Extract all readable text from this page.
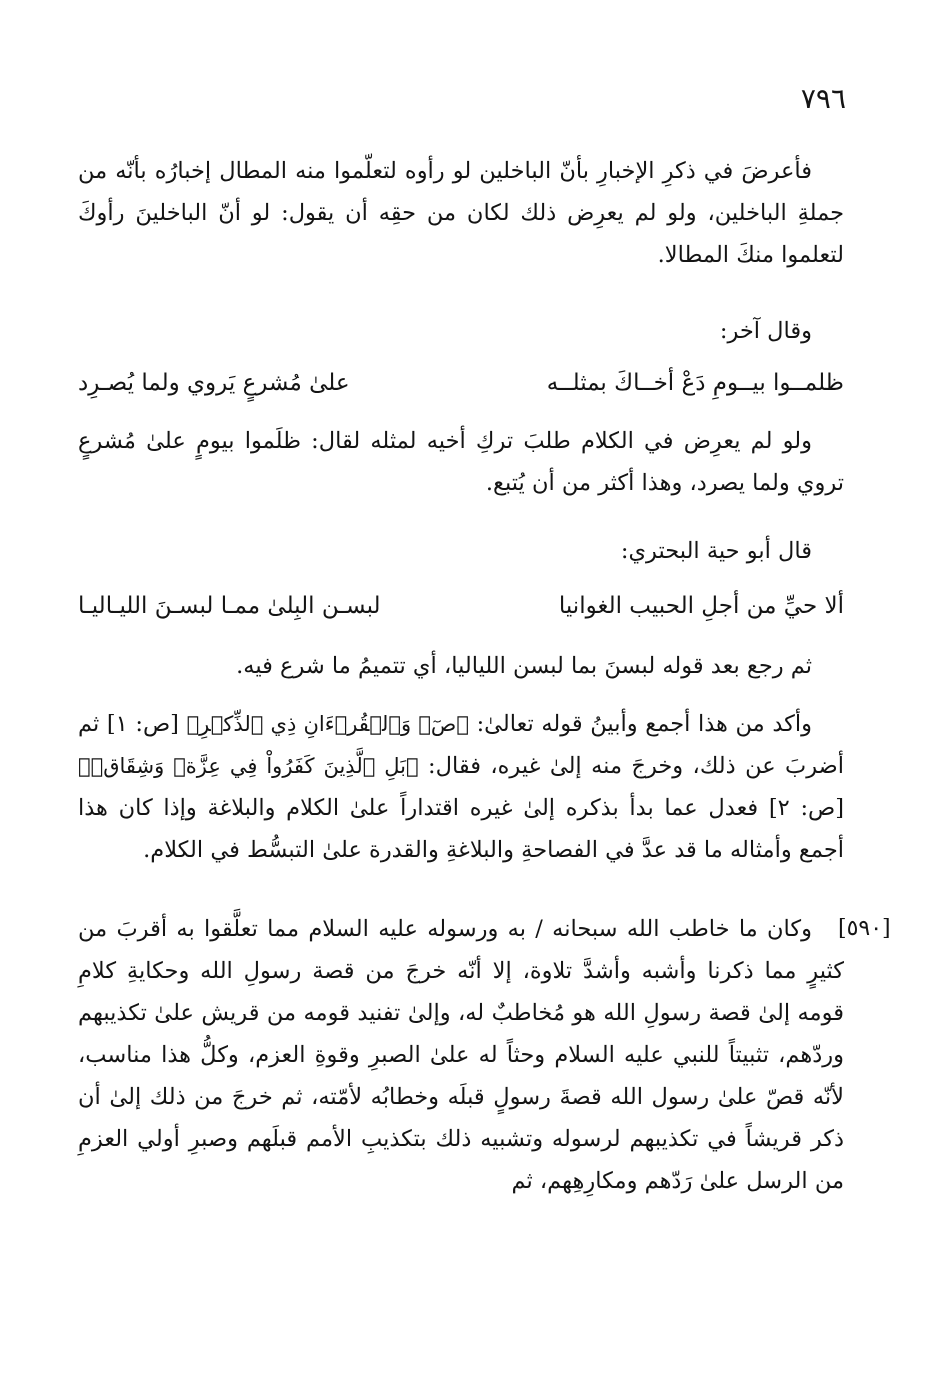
٧٩٦

فأعرضَ في ذكرِ الإخبارِ بأنّ الباخلين لو رأوه لتعلّموا منه المطال إخبارُه بأنّه من جملةِ الباخلين، ولو لم يعرِض ذلك لكان من حقِه أن يقول: لو أنّ الباخلينَ رأوكَ لتعلموا منكَ المطالا.

وقال آخر:

ظلمــوا بيــومِ دَعْ أخــاكَ بمثلــه
علىٰ مُشرعٍ يَروي ولما يُصـرِد

ولو لم يعرِض في الكلام طلبَ تركِ أخيه لمثله لقال: ظلَموا بيومٍ علىٰ مُشرعٍ تروي ولما يصرد، وهذا أكثر من أن يُتبع.

قال أبو حية البحتري:

ألا حيِّ من أجلِ الحبيب الغوانيا
لبسـن البِلىٰ ممـا لبسـنَ الليـاليـا

ثم رجع بعد قوله لبسنَ بما لبسن اللياليا، أي تتميمُ ما شرع فيه.

وأكد من هذا أجمع وأبينُ قوله تعالىٰ: ﴿صٓۚ وَٱلۡقُرۡءَانِ ذِي ٱلذِّكۡرِ﴾ [ص: ١] ثم أضربَ عن ذلك، وخرجَ منه إلىٰ غيره، فقال: ﴿بَلِ ٱلَّذِينَ كَفَرُواْ فِي عِزَّةٖ وَشِقَاقٖ﴾ [ص: ٢] فعدل عما بدأ بذكره إلىٰ غيره اقتداراً علىٰ الكلام والبلاغة وإذا كان هذا أجمع وأمثاله ما قد عدَّ في الفصاحةِ والبلاغةِ والقدرة علىٰ التبسُّط في الكلام.

[٥٩٠]

وكان ما خاطب الله سبحانه / به ورسوله عليه السلام مما تعلَّقوا به أقربَ من كثيرٍ مما ذكرنا وأشبه وأشدَّ تلاوة، إلا أنّه خرجَ من قصة رسولِ الله وحكايةِ كلامِ قومه إلىٰ قصة رسولِ الله هو مُخاطبٌ له، وإلىٰ تفنيد قومه من قريش علىٰ تكذيبهم وردّهم، تثبيتاً للنبي عليه السلام وحثاً له علىٰ الصبرِ وقوةِ العزم، وكلُّ هذا مناسب، لأنّه قصّ علىٰ رسول الله قصةَ رسولٍ قبلَه وخطابُه لأمّته، ثم خرجَ من ذلك إلىٰ أن ذكر قريشاً في تكذيبهم لرسوله وتشبيه ذلك بتكذيبِ الأمم قبلَهم وصبرِ أولي العزمِ من الرسل علىٰ رَدّهم ومكارِهِهم، ثم
